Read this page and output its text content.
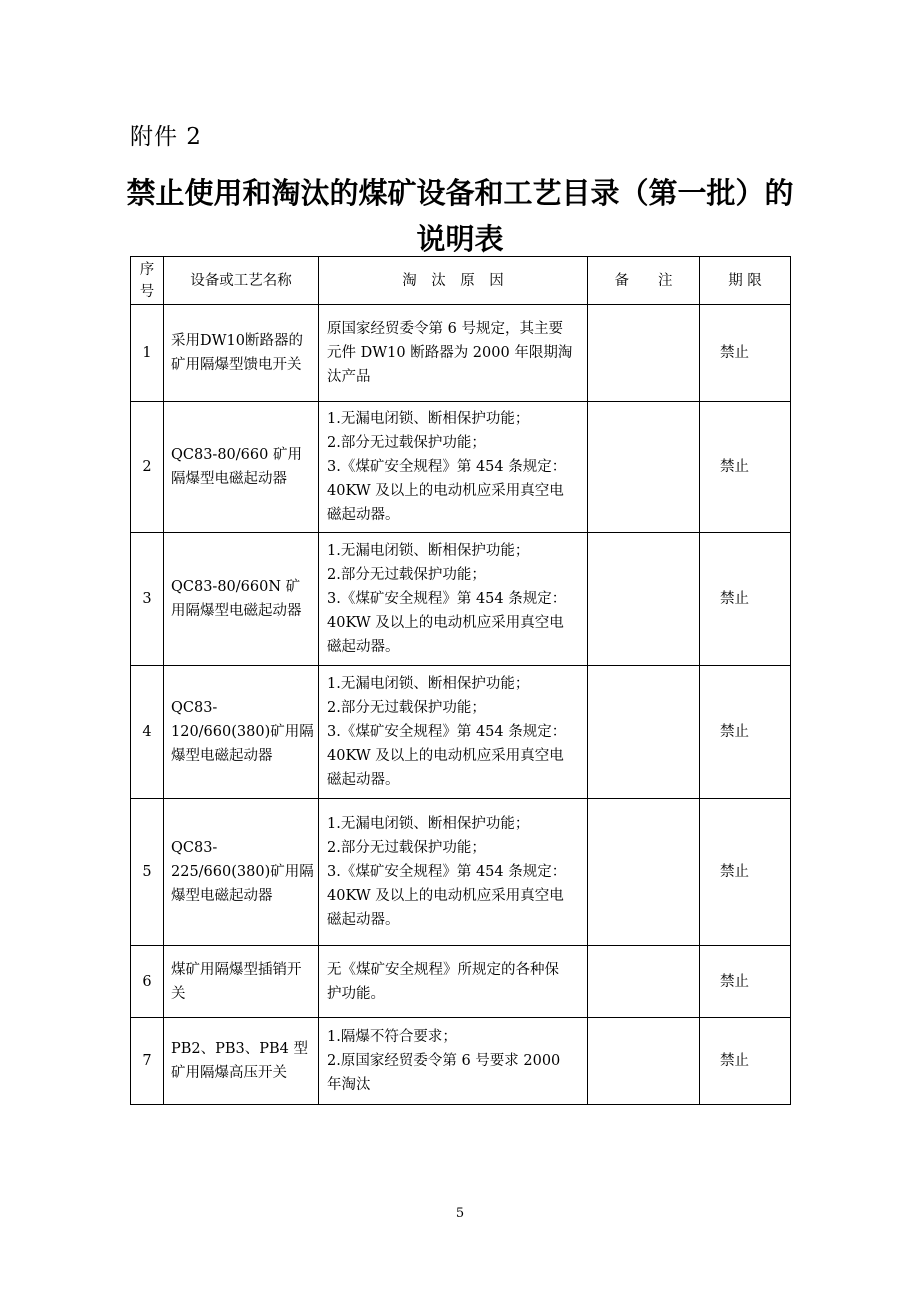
附件 2
禁止使用和淘汰的煤矿设备和工艺目录（第一批）的
说明表
序号	设备或工艺名称	淘　汰　原　因	备　　注	期 限
1	采用DW10断路器的矿用隔爆型馈电开关	原国家经贸委令第 6 号规定，其主要
元件 DW10 断路器为 2000 年限期淘
汰产品		禁止
2	QC83-80/660 矿用隔爆型电磁起动器	1.无漏电闭锁、断相保护功能；
2.部分无过载保护功能；
3.《煤矿安全规程》第 454 条规定：
40KW 及以上的电动机应采用真空电
磁起动器。		禁止
3	QC83-80/660N 矿用隔爆型电磁起动器	1.无漏电闭锁、断相保护功能；
2.部分无过载保护功能；
3.《煤矿安全规程》第 454 条规定：
40KW 及以上的电动机应采用真空电
磁起动器。		禁止
4	QC83-120/660(380)矿用隔爆型电磁起动器	1.无漏电闭锁、断相保护功能；
2.部分无过载保护功能；
3.《煤矿安全规程》第 454 条规定：
40KW 及以上的电动机应采用真空电
磁起动器。		禁止
5	QC83-225/660(380)矿用隔爆型电磁起动器	1.无漏电闭锁、断相保护功能；
2.部分无过载保护功能；
3.《煤矿安全规程》第 454 条规定：
40KW 及以上的电动机应采用真空电
磁起动器。		禁止
6	煤矿用隔爆型插销开关	无《煤矿安全规程》所规定的各种保
护功能。		禁止
7	PB2、PB3、PB4 型矿用隔爆高压开关	1.隔爆不符合要求；
2.原国家经贸委令第 6 号要求 2000
年淘汰		禁止
5
